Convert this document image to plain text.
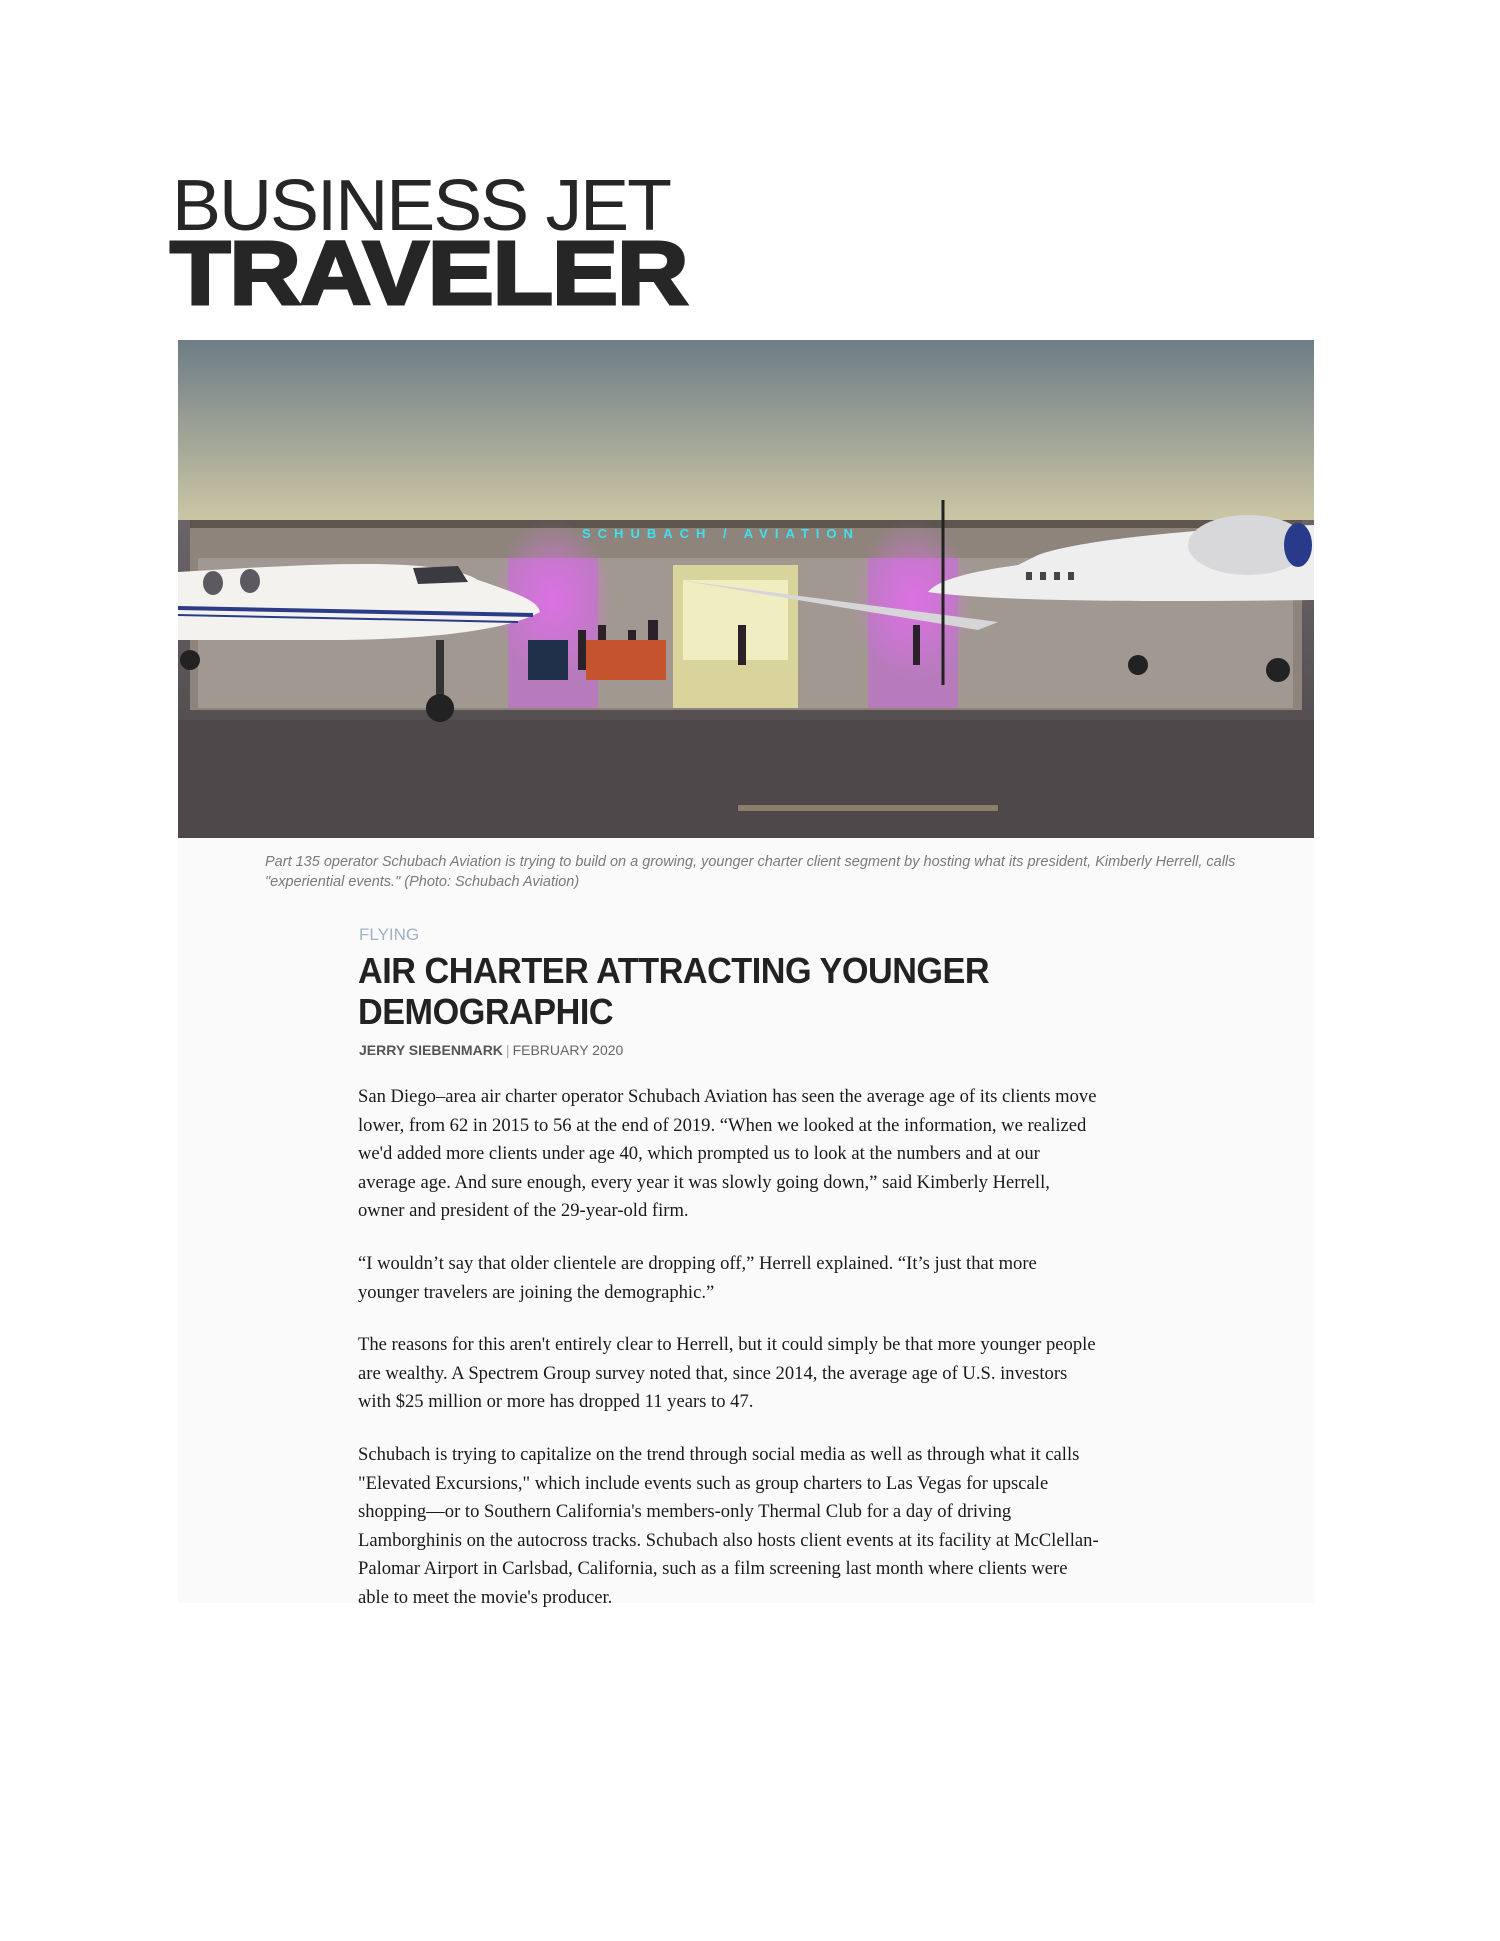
BUSINESS JET
TRAVELER
SCHUBACH / AVIATION
Part 135 operator Schubach Aviation is trying to build on a growing, younger charter client segment by hosting what its president, Kimberly Herrell, calls
"experiential events." (Photo: Schubach Aviation)
FLYING
AIR CHARTER ATTRACTING YOUNGER
DEMOGRAPHIC
JERRY SIEBENMARK | FEBRUARY 2020

San Diego–area air charter operator Schubach Aviation has seen the average age of its clients move
lower, from 62 in 2015 to 56 at the end of 2019. “When we looked at the information, we realized
we'd added more clients under age 40, which prompted us to look at the numbers and at our
average age. And sure enough, every year it was slowly going down,” said Kimberly Herrell,
owner and president of the 29-year-old firm.

“I wouldn’t say that older clientele are dropping off,” Herrell explained. “It’s just that more
younger travelers are joining the demographic.”

The reasons for this aren't entirely clear to Herrell, but it could simply be that more younger people
are wealthy. A Spectrem Group survey noted that, since 2014, the average age of U.S. investors
with $25 million or more has dropped 11 years to 47.

Schubach is trying to capitalize on the trend through social media as well as through what it calls
"Elevated Excursions," which include events such as group charters to Las Vegas for upscale
shopping—or to Southern California's members-only Thermal Club for a day of driving
Lamborghinis on the autocross tracks. Schubach also hosts client events at its facility at McClellan-
Palomar Airport in Carlsbad, California, such as a film screening last month where clients were
able to meet the movie's producer.
